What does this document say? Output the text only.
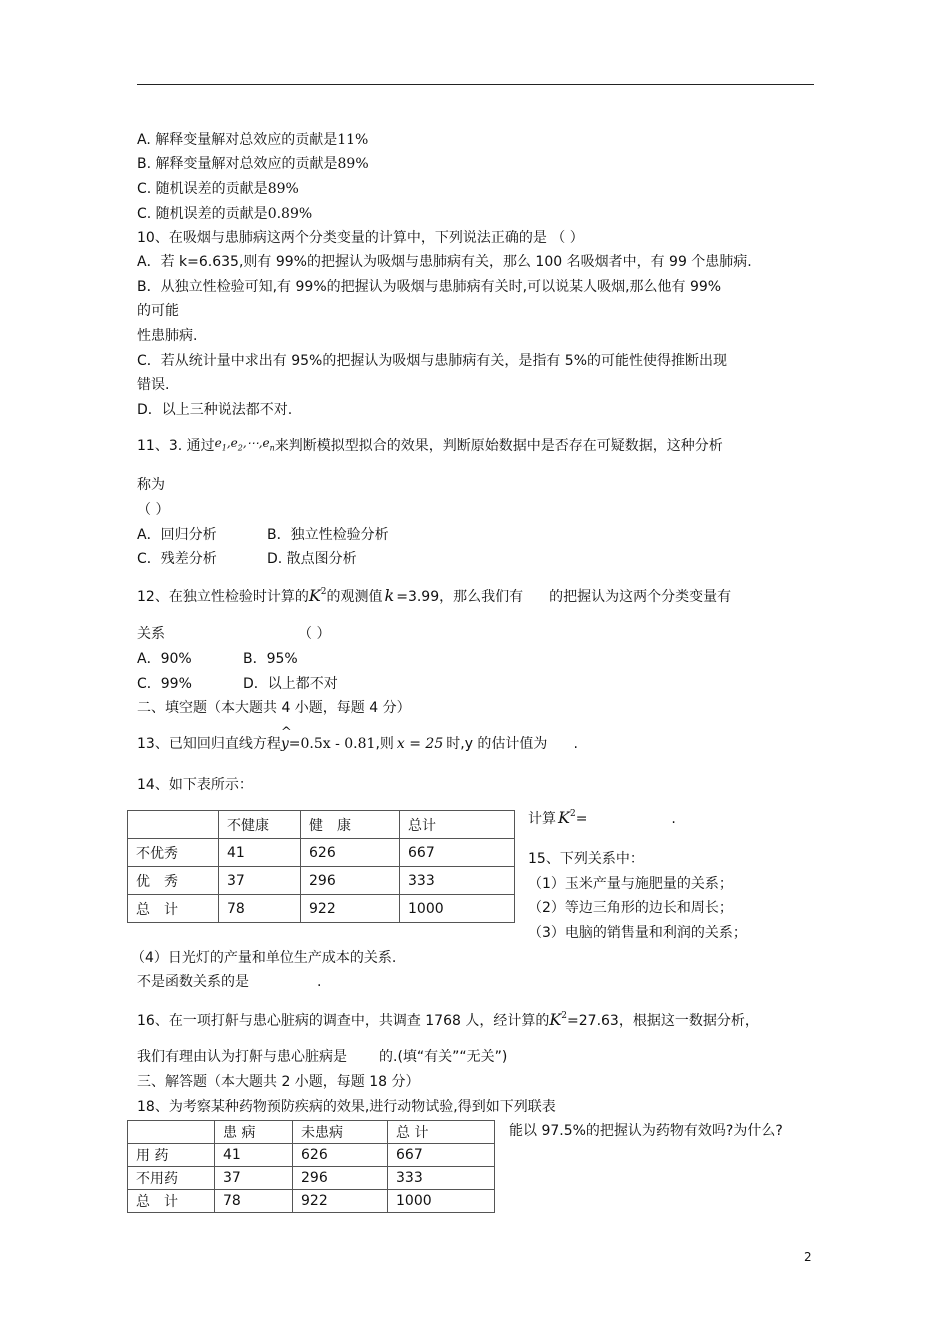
A. 解释变量解对总效应的贡献是11%
B. 解释变量解对总效应的贡献是89%
C. 随机误差的贡献是89%
C. 随机误差的贡献是0.89%
10、在吸烟与患肺病这两个分类变量的计算中，下列说法正确的是 （ ）
A．若 k=6.635,则有 99%的把握认为吸烟与患肺病有关，那么 100 名吸烟者中，有 99 个患肺病.
B．从独立性检验可知,有 99%的把握认为吸烟与患肺病有关时,可以说某人吸烟,那么他有 99%
的可能
性患肺病.
C．若从统计量中求出有 95%的把握认为吸烟与患肺病有关，是指有 5%的可能性使得推断出现
错误.
D．以上三种说法都不对.
11、3. 通过$e_1,e_2,\cdots,e_n$来判断模拟型拟合的效果，判断原始数据中是否存在可疑数据，这种分析
称为
（ ）
A．回归分析	B．独立性检验分析
C．残差分析	D. 散点图分析
12、在独立性检验时计算的$K^2$的观测值 k =3.99，那么我们有 的把握认为这两个分类变量有
关系	（ ）
A．90%	B．95%
C．99%	D．以上都不对
二、填空题（本大题共 4 小题，每题 4 分）
13、已知回归直线方程
^
y=0.5x - 0.81,则 x = 25 时,y 的估计值为 .
14、如下表所示：
	不健康	健　康	总计
不优秀	41	626	667
优　秀	37	296	333
总　计	78	922	1000
计算 $K^2=$	.
15、下列关系中：
（1）玉米产量与施肥量的关系；
（2）等边三角形的边长和周长；
（3）电脑的销售量和利润的关系；
（4）日光灯的产量和单位生产成本的关系.
不是函数关系的是	.
16、在一项打鼾与患心脏病的调查中，共调查 1768 人，经计算的$K^2=27.63$，根据这一数据分析，
我们有理由认为打鼾与患心脏病是 的.(填“有关”“无关”)
三、解答题（本大题共 2 小题，每题 18 分）
18、为考察某种药物预防疾病的效果,进行动物试验,得到如下列联表
	患 病	未患病	总 计
用 药	41	626	667
不用药	37	296	333
总　计	78	922	1000
能以 97.5%的把握认为药物有效吗?为什么?
2
